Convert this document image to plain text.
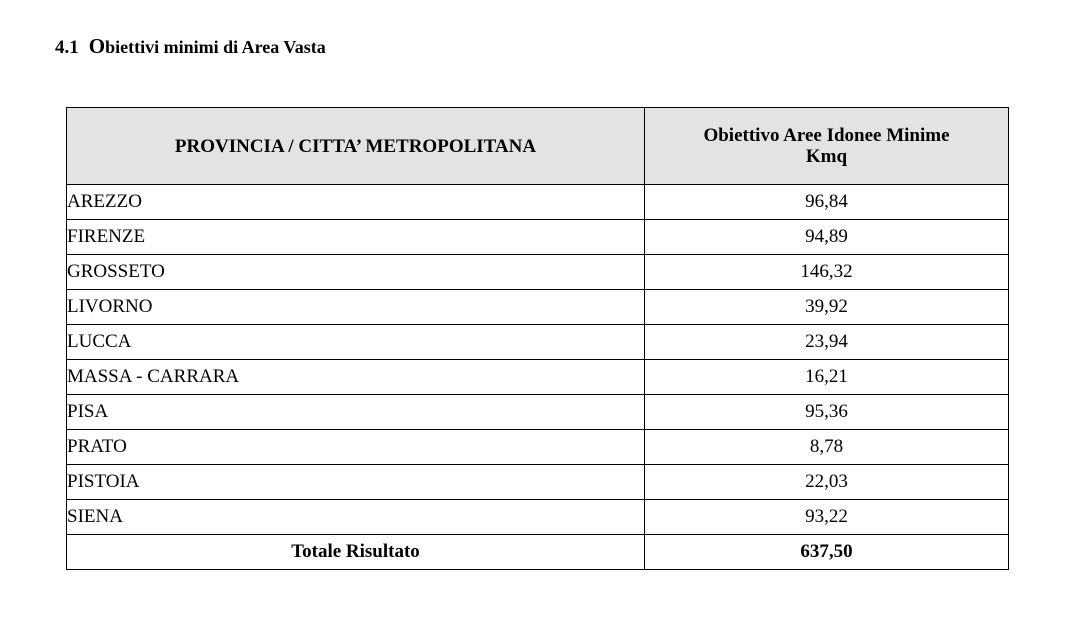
4.1 Obiettivi minimi di Area Vasta
PROVINCIA / CITTA’ METROPOLITANA	Obiettivo Aree Idonee Minime
Kmq

AREZZO	96,84
FIRENZE	94,89
GROSSETO	146,32
LIVORNO	39,92
LUCCA	23,94
MASSA - CARRARA	16,21
PISA	95,36
PRATO	8,78
PISTOIA	22,03
SIENA	93,22
Totale Risultato	637,50
